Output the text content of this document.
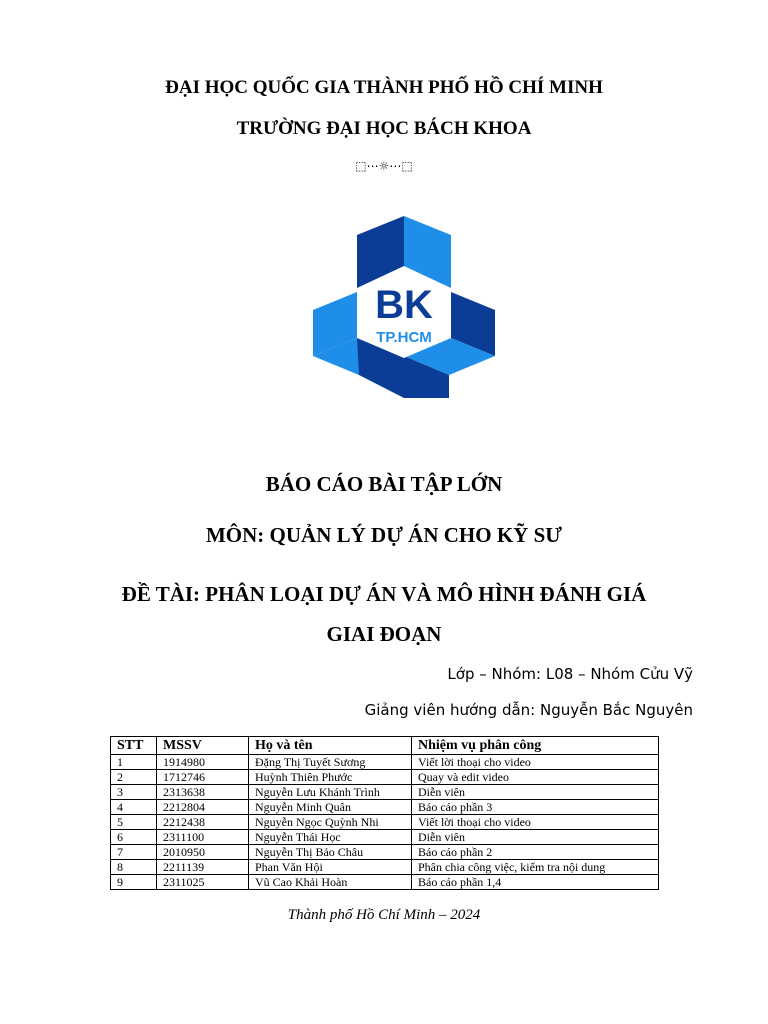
ĐẠI HỌC QUỐC GIA THÀNH PHỐ HỒ CHÍ MINH
TRƯỜNG ĐẠI HỌC BÁCH KHOA
⬚⋯☼⋯⬚
BK
TP.HCM
BÁO CÁO BÀI TẬP LỚN
MÔN: QUẢN LÝ DỰ ÁN CHO KỸ SƯ
ĐỀ TÀI: PHÂN LOẠI DỰ ÁN VÀ MÔ HÌNH ĐÁNH GIÁ
GIAI ĐOẠN
Lớp – Nhóm: L08 – Nhóm Cửu Vỹ
Giảng viên hướng dẫn: Nguyễn Bắc Nguyên
STT	MSSV	Họ và tên	Nhiệm vụ phân công
1	1914980	Đặng Thị Tuyết Sương	Viết lời thoại cho video
2	1712746	Huỳnh Thiên Phước	Quay và edit video
3	2313638	Nguyễn Lưu Khánh Trình	Diễn viên
4	2212804	Nguyễn Minh Quân	Báo cáo phần 3
5	2212438	Nguyễn Ngọc Quỳnh Nhi	Viết lời thoại cho video
6	2311100	Nguyễn Thái Học	Diễn viên
7	2010950	Nguyễn Thị Bảo Châu	Báo cáo phần 2
8	2211139	Phan Văn Hội	Phân chia công việc, kiểm tra nội dung
9	2311025	Vũ Cao Khải Hoàn	Báo cáo phần 1,4
Thành phố Hồ Chí Minh – 2024
